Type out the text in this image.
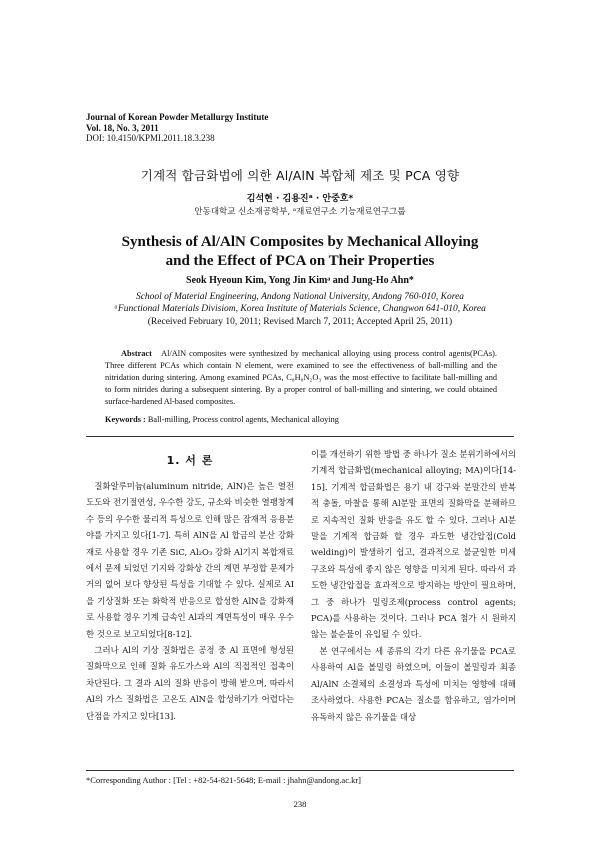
Journal of Korean Powder Metallurgy Institute
Vol. 18, No. 3, 2011
DOI: 10.4150/KPMI.2011.18.3.238
기계적 합금화법에 의한 Al/AlN 복합체 제조 및 PCA 영향
김석현 · 김용진ᵃ · 안중호*
안동대학교 신소재공학부, ᵃ재료연구소 기능재료연구그룹
Synthesis of Al/AlN Composites by Mechanical Alloying
and the Effect of PCA on Their Properties
Seok Hyeoun Kim, Yong Jin Kimᵃ and Jung-Ho Ahn*
School of Material Engineering, Andong National University, Andong 760-010, Korea
ᵃFunctional Materials Divisiom, Korea Institute of Materials Science, Changwon 641-010, Korea
(Received February 10, 2011; Revised March 7, 2011; Accepted April 25, 2011)
Abstract Al/AlN composites were synthesized by mechanical alloying using process control agents(PCAs). Three different PCAs which contain N element, were examined to see the effectiveness of ball-milling and the nitridation during sintering. Among examined PCAs, C₈H₈N₂O₃ was the most effective to facilitate ball-milling and to form nitrides during a subsequent sintering. By a proper control of ball-milling and sintering, we could obtained surface-hardened Al-based composites.
Keywords : Ball-milling, Process control agents, Mechanical alloying
1. 서 론

질화알루미늄(aluminum nitride, AlN)은 높은 열전도도와 전기절연성, 우수한 강도, 규소와 비슷한 열팽창계수 등의 우수한 물리적 특성으로 인해 많은 잠재적 응용분야를 가지고 있다[1-7]. 특히 AlN을 Al 합금의 분산 강화재로 사용할 경우 기존 SiC, Al₂O₃ 강화 Al기지 복합재료에서 문제 되었던 기지와 강화상 간의 계면 부정합 문제가 거의 없어 보다 향상된 특성을 기대할 수 있다. 실제로 AI을 기상질화 또는 화학적 반응으로 합성한 AlN을 강화재로 사용할 경우 기계 급속인 Al과의 계면특성이 매우 우수한 것으로 보고되었다[8-12].

그러나 Al의 기상 질화법은 공정 중 Al 표면에 형성된 질화막으로 인해 질화 유도가스와 Al의 직접적인 접촉이 차단된다. 그 결과 Al의 질화 반응이 방해 받으며, 따라서 Al의 가스 질화법은 고온도 AlN을 합성하기가 어렵다는 단점을 가지고 있다[13].

이를 개선하기 위한 방법 중 하나가 질소 분위기하에서의 기계적 합금화법(mechanical alloying; MA)이다[14-15]. 기계적 합금화법은 용기 내 강구와 분말간의 반복적 충돌, 마찰을 통해 Al분말 표면의 질화막을 분해하므로 지속적인 질화 반응을 유도 할 수 있다. 그러나 Al분말을 기계적 합금화 할 경우 과도한 냉간압접(Cold welding)이 발생하기 쉽고, 결과적으로 불균일한 미세구조와 특성에 좋지 않은 영향을 미치게 된다. 따라서 과도한 냉간압접을 효과적으로 방지하는 방안이 필요하며, 그 중 하나가 밀링조제(process control agents; PCA)를 사용하는 것이다. 그러나 PCA 첨가 시 원하지 않는 불순물이 유입될 수 있다.

본 연구에서는 세 종류의 각기 다른 유기물을 PCA로 사용하여 Al을 볼밀링 하였으며, 이들이 볼밀링과 최종 Al/AlN 소결체의 소결성과 특성에 미치는 영향에 대해 조사하였다. 사용한 PCA는 질소를 함유하고, 염가이며 유독하지 않은 유기물을 대상

*Corresponding Author : [Tel : +82-54-821-5648; E-mail : jhahn@andong.ac.kr]
238
